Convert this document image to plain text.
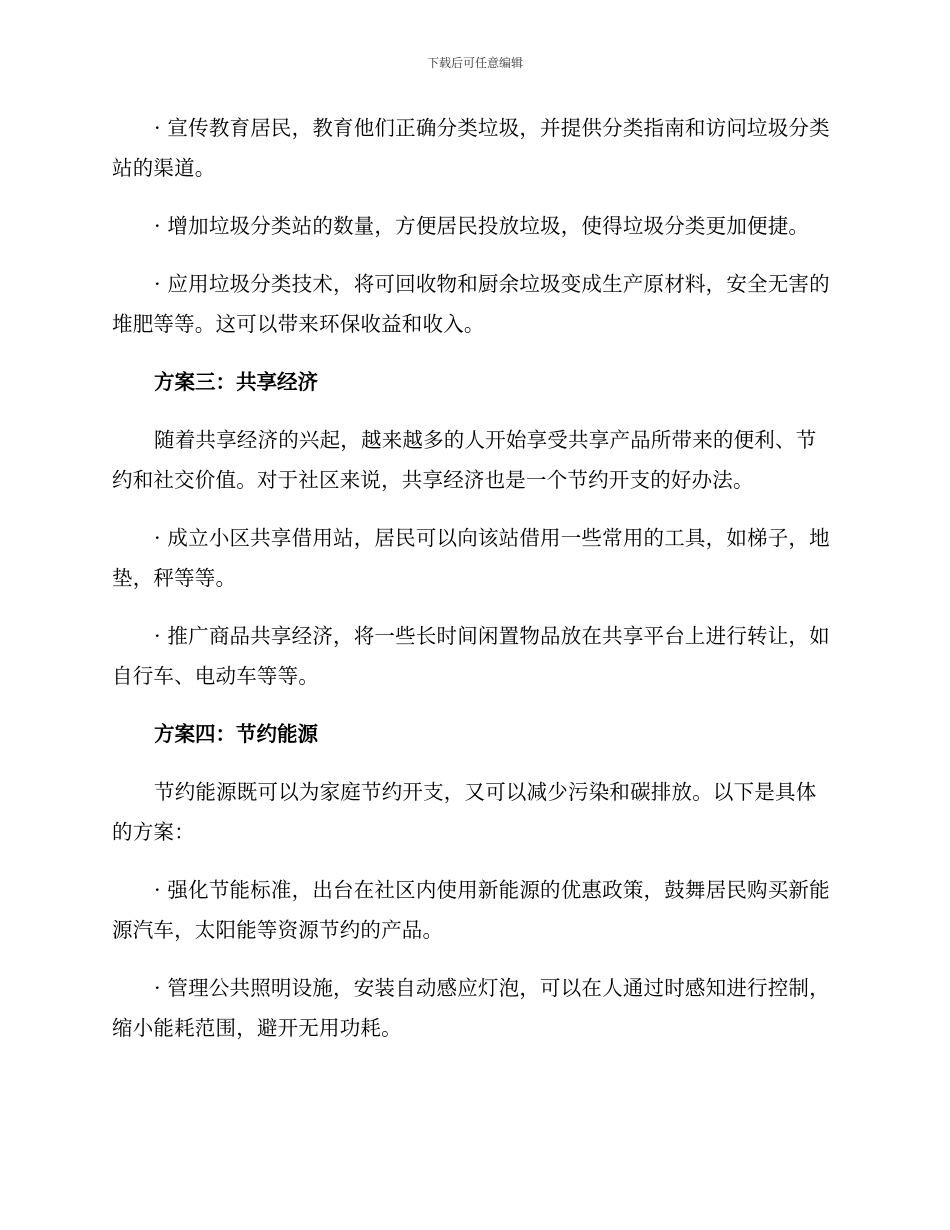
下载后可任意编辑

· 宣传教育居民，教育他们正确分类垃圾，并提供分类指南和访问垃圾分类站的渠道。

· 增加垃圾分类站的数量，方便居民投放垃圾，使得垃圾分类更加便捷。

· 应用垃圾分类技术，将可回收物和厨余垃圾变成生产原材料，安全无害的堆肥等等。这可以带来环保收益和收入。

方案三：共享经济

随着共享经济的兴起，越来越多的人开始享受共享产品所带来的便利、节约和社交价值。对于社区来说，共享经济也是一个节约开支的好办法。

· 成立小区共享借用站，居民可以向该站借用一些常用的工具，如梯子，地垫，秤等等。

· 推广商品共享经济，将一些长时间闲置物品放在共享平台上进行转让，如自行车、电动车等等。

方案四：节约能源

节约能源既可以为家庭节约开支，又可以减少污染和碳排放。以下是具体的方案：

· 强化节能标准，出台在社区内使用新能源的优惠政策，鼓舞居民购买新能源汽车，太阳能等资源节约的产品。

· 管理公共照明设施，安装自动感应灯泡，可以在人通过时感知进行控制，缩小能耗范围，避开无用功耗。
